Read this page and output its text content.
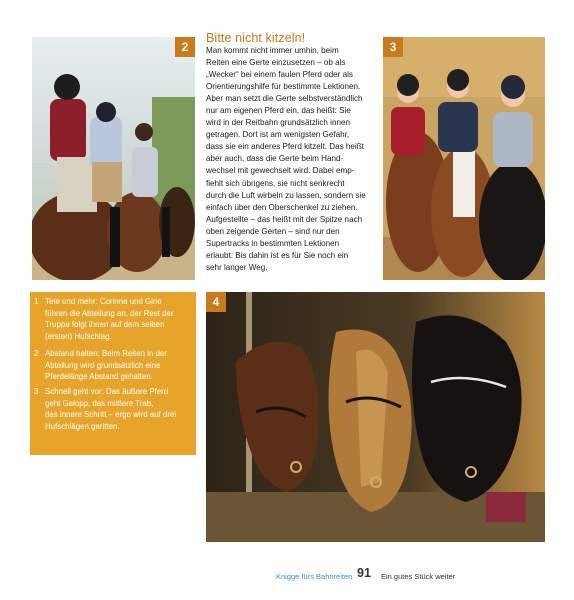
2	3
4
Bitte nicht kitzeln!
Man kommt nicht immer umhin, beim
Reiten eine Gerte einzusetzen – ob als
„Wecker“ bei einem faulen Pferd oder als
Orientierungshilfe für bestimmte Lektionen.
Aber man setzt die Gerte selbstverständlich
nur am eigenen Pferd ein, das heißt: Sie
wird in der Reitbahn grundsätzlich innen
getragen. Dort ist am wenigsten Gefahr,
dass sie ein anderes Pferd kitzelt. Das heißt
aber auch, dass die Gerte beim Hand-
wechsel mit gewechselt wird. Dabei emp-
fiehlt sich übrigens, sie nicht senkrecht
durch die Luft wirbeln zu lassen, sondern sie
einfach über den Oberschenkel zu ziehen.
Aufgestellte – das heißt mit der Spitze nach
oben zeigende Gerten – sind nur den
Supertracks in bestimmten Lektionen
erlaubt. Bis dahin ist es für Sie noch ein
sehr langer Weg.
1 Tete und mehr: Corinna und Gino
führen die Abteilung an, der Rest der
Truppe folgt ihnen auf dem selben
(ersten) Hufschlag.
2 Abstand halten: Beim Reiten in der
Abteilung wird grundsätzlich eine
Pferdelänge Abstand gehalten.
3 Schnell geht vor: Das äußere Pferd
geht Galopp, das mittlere Trab,
das innere Schritt – ergo wird auf drei
Hufschlägen geritten.
Knigge fürs Bahnreiten 91 Ein gutes Stück weiter
